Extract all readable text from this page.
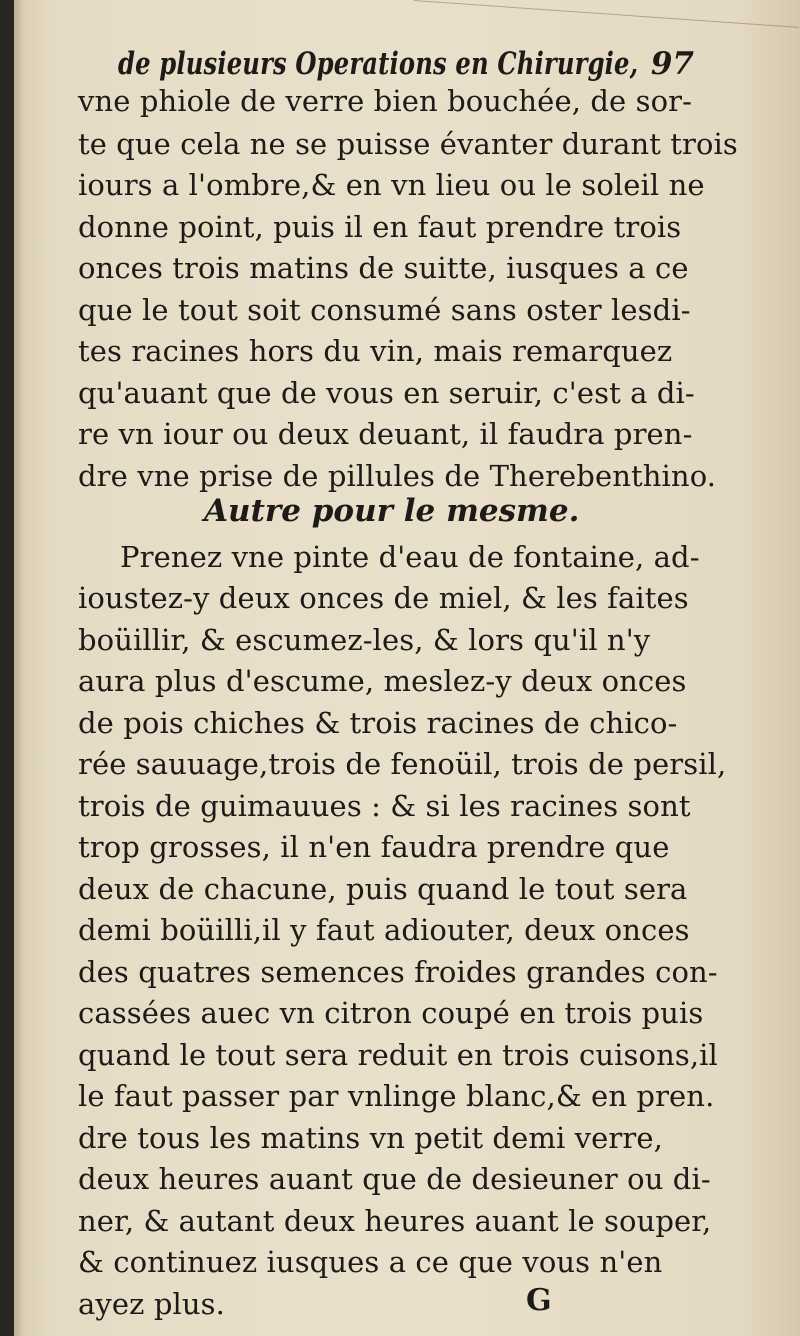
de plusieurs Operations en Chirurgie, 97
vne phiole de verre bien bouchée, de sor-
te que cela ne se puisse évanter durant trois
iours a l'ombre,& en vn lieu ou le soleil ne
donne point, puis il en faut prendre trois
onces trois matins de suitte, iusques a ce
que le tout soit consumé sans oster lesdi-
tes racines hors du vin, mais remarquez
qu'auant que de vous en seruir, c'est a di-
re vn iour ou deux deuant, il faudra pren-
dre vne prise de pillules de Therebenthino.
Autre pour le mesme.
Prenez vne pinte d'eau de fontaine, ad-
ioustez-y deux onces de miel, & les faites
boüillir, & escumez-les, & lors qu'il n'y
aura plus d'escume, meslez-y deux onces
de pois chiches & trois racines de chico-
rée sauuage,trois de fenoüil, trois de persil,
trois de guimauues : & si les racines sont
trop grosses, il n'en faudra prendre que
deux de chacune, puis quand le tout sera
demi boüilli,il y faut adiouter, deux onces
des quatres semences froides grandes con-
cassées auec vn citron coupé en trois puis
quand le tout sera reduit en trois cuisons,il
le faut passer par vnlinge blanc,& en pren.
dre tous les matins vn petit demi verre,
deux heures auant que de desieuner ou di-
ner, & autant deux heures auant le souper,
& continuez iusques a ce que vous n'en
ayez plus.	G
